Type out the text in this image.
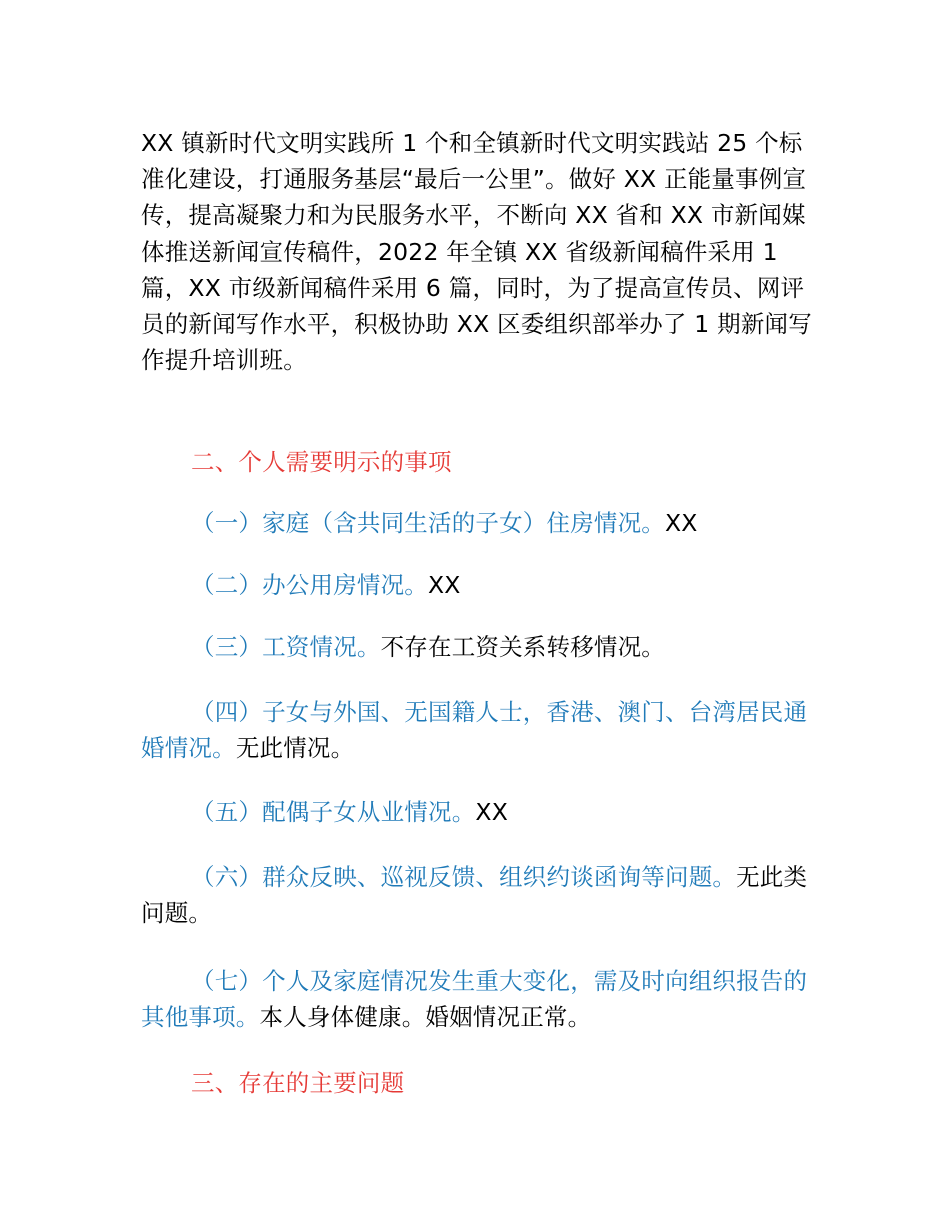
XX 镇新时代文明实践所 1 个和全镇新时代文明实践站 25 个标准化建设，打通服务基层“最后一公里”。做好 XX 正能量事例宣传，提高凝聚力和为民服务水平，不断向 XX 省和 XX 市新闻媒体推送新闻宣传稿件，2022 年全镇 XX 省级新闻稿件采用 1 篇，XX 市级新闻稿件采用 6 篇，同时，为了提高宣传员、网评员的新闻写作水平，积极协助 XX 区委组织部举办了 1 期新闻写作提升培训班。

二、个人需要明示的事项

（一）家庭（含共同生活的子女）住房情况。XX

（二）办公用房情况。XX

（三）工资情况。不存在工资关系转移情况。

（四）子女与外国、无国籍人士，香港、澳门、台湾居民通婚情况。无此情况。

（五）配偶子女从业情况。XX

（六）群众反映、巡视反馈、组织约谈函询等问题。无此类问题。

（七）个人及家庭情况发生重大变化，需及时向组织报告的其他事项。本人身体健康。婚姻情况正常。

三、存在的主要问题
